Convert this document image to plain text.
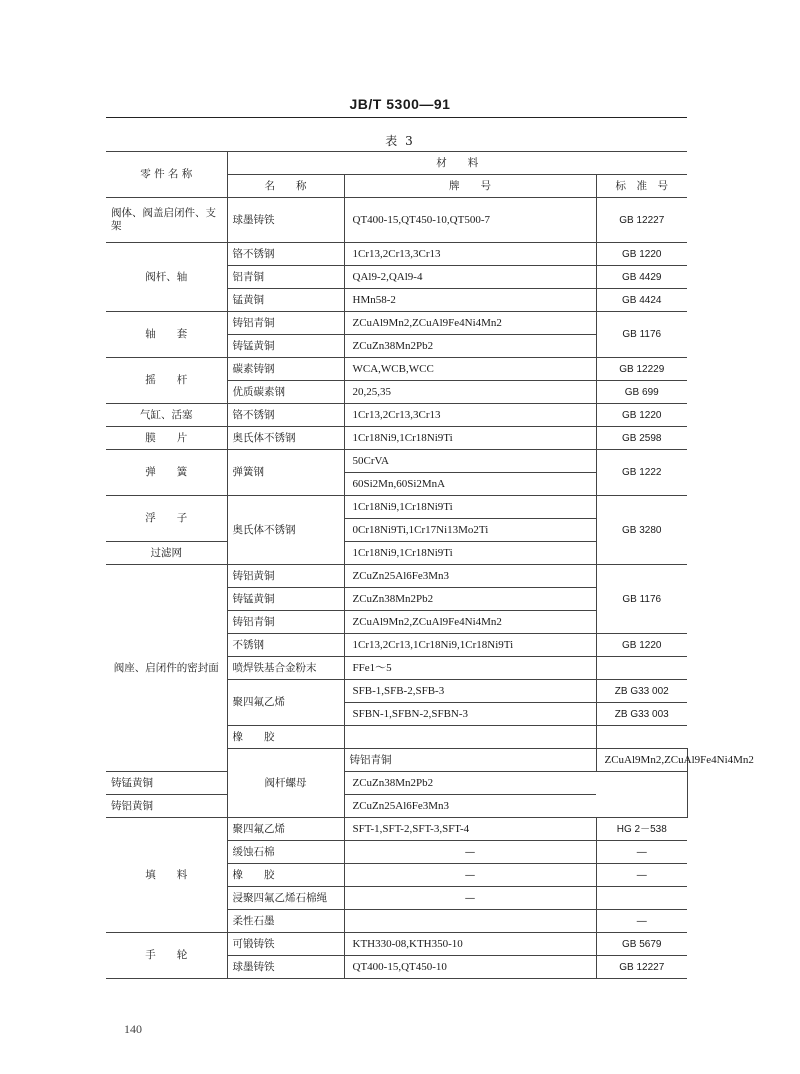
JB/T 5300—91
表 3
零 件 名 称	材　　料			
	名　　称	牌　　号	标　准　号	
阀体、阀盖启闭件、支架	球墨铸铁	QT400-15,QT450-10,QT500-7	GB 12227	
阀杆、轴	铬不锈钢	1Cr13,2Cr13,3Cr13	GB 1220	
	铝青铜	QAl9-2,QAl9-4	GB 4429	
	锰黄铜	HMn58-2	GB 4424	
轴　　套	铸铝青铜	ZCuAl9Mn2,ZCuAl9Fe4Ni4Mn2	GB 1176	
	铸锰黄铜	ZCuZn38Mn2Pb2		
摇　　杆	碳素铸钢	WCA,WCB,WCC	GB 12229	
	优质碳素钢	20,25,35	GB 699	
气缸、活塞	铬不锈钢	1Cr13,2Cr13,3Cr13	GB 1220	
膜　　片	奥氏体不锈钢	1Cr18Ni9,1Cr18Ni9Ti	GB 2598	
弹　　簧	弹簧钢	50CrVA	GB 1222	
		60Si2Mn,60Si2MnA		
浮　　子	奥氏体不锈钢	1Cr18Ni9,1Cr18Ni9Ti	GB 3280	
		0Cr18Ni9Ti,1Cr17Ni13Mo2Ti		
过滤网		1Cr18Ni9,1Cr18Ni9Ti		
阀座、启闭件的密封面	铸铝黄铜	ZCuZn25Al6Fe3Mn3	GB 1176	
	铸锰黄铜	ZCuZn38Mn2Pb2		
	铸铝青铜	ZCuAl9Mn2,ZCuAl9Fe4Ni4Mn2		
	不锈钢	1Cr13,2Cr13,1Cr18Ni9,1Cr18Ni9Ti	GB 1220	
	喷焊铁基合金粉末	FFe1～5		
	聚四氟乙烯	SFB-1,SFB-2,SFB-3	ZB G33 002	
		SFBN-1,SFBN-2,SFBN-3	ZB G33 003	
	橡　　胶			
	阀杆螺母	铸铝青铜	ZCuAl9Mn2,ZCuAl9Fe4Ni4Mn2	
铸锰黄铜		ZCuZn38Mn2Pb2		
铸铝黄铜		ZCuZn25Al6Fe3Mn3		
填　　料	聚四氟乙烯	SFT-1,SFT-2,SFT-3,SFT-4	HG 2－538	
	缓蚀石棉	—	—	
	橡　　胶	—	—	
	浸聚四氟乙烯石棉绳	—		
	柔性石墨		—	
手　　轮	可锻铸铁	KTH330-08,KTH350-10	GB 5679	
	球墨铸铁	QT400-15,QT450-10	GB 12227	
140
